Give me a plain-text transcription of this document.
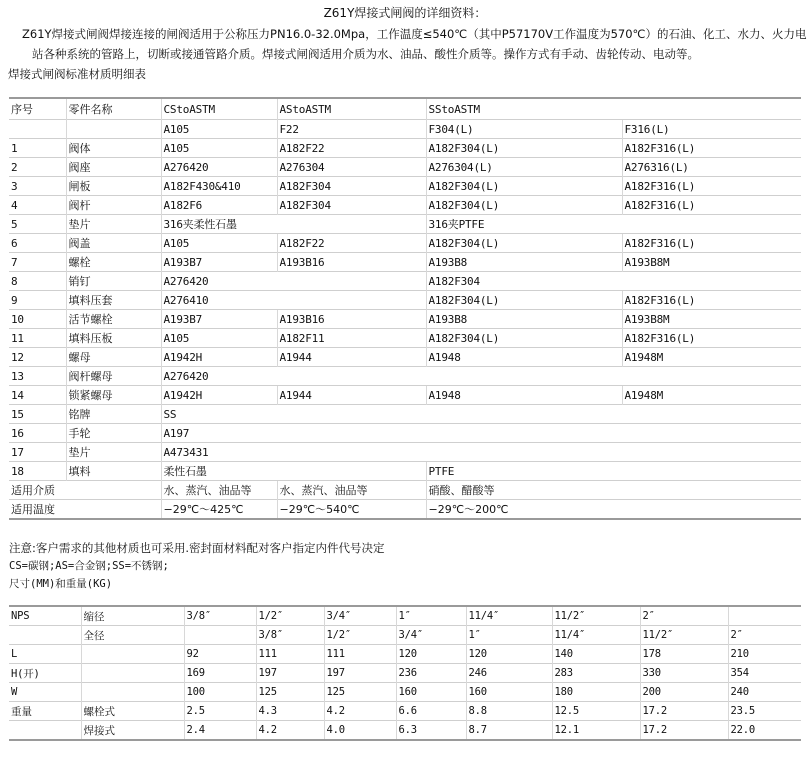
Z61Y焊接式闸阀的详细资料：
Z61Y焊接式闸阀焊接连接的闸阀适用于公称压力PN16.0-32.0Mpa，工作温度≤540℃（其中P57170V工作温度为570℃）的石油、化工、水力、火力电
站各种系统的管路上，切断或接通管路介质。焊接式闸阀适用介质为水、油品、酸性介质等。操作方式有手动、齿轮传动、电动等。
焊接式闸阀标准材质明细表
序号	零件名称	CStoASTM	AStoASTM	SStoASTM	
		A105	F22	F304(L)	F316(L)
1	阀体	A105	A182F22	A182F304(L)	A182F316(L)
2	阀座	A276420	A276304	A276304(L)	A276316(L)
3	闸板	A182F430&410	A182F304	A182F304(L)	A182F316(L)
4	阀杆	A182F6	A182F304	A182F304(L)	A182F316(L)
5	垫片	316夹柔性石墨		316夹PTFE	
6	阀盖	A105	A182F22	A182F304(L)	A182F316(L)
7	螺栓	A193B7	A193B16	A193B8	A193B8M
8	销钉	A276420		A182F304	
9	填料压套	A276410		A182F304(L)	A182F316(L)
10	活节螺栓	A193B7	A193B16	A193B8	A193B8M
11	填料压板	A105	A182F11	A182F304(L)	A182F316(L)
12	螺母	A1942H	A1944	A1948	A1948M
13	阀杆螺母	A276420			
14	锁紧螺母	A1942H	A1944	A1948	A1948M
15	铭牌	SS			
16	手轮	A197			
17	垫片	A473431			
18	填料	柔性石墨		PTFE	
适用介质		水、蒸汽、油品等	水、蒸汽、油品等	硝酸、醋酸等	
适用温度		−29℃～425℃	−29℃～540℃	−29℃～200℃	
注意:客户需求的其他材质也可采用.密封面材料配对客户指定内件代号决定
CS=碳钢;AS=合金钢;SS=不锈钢;
尺寸(MM)和重量(KG)
NPS	缩径	3/8″	1/2″	3/4″	1″	11/4″	11/2″	2″	
	全径		3/8″	1/2″	3/4″	1″	11/4″	11/2″	2″
L		92	111	111	120	120	140	178	210
H(开)		169	197	197	236	246	283	330	354
W		100	125	125	160	160	180	200	240
重量	螺栓式	2.5	4.3	4.2	6.6	8.8	12.5	17.2	23.5
	焊接式	2.4	4.2	4.0	6.3	8.7	12.1	17.2	22.0
